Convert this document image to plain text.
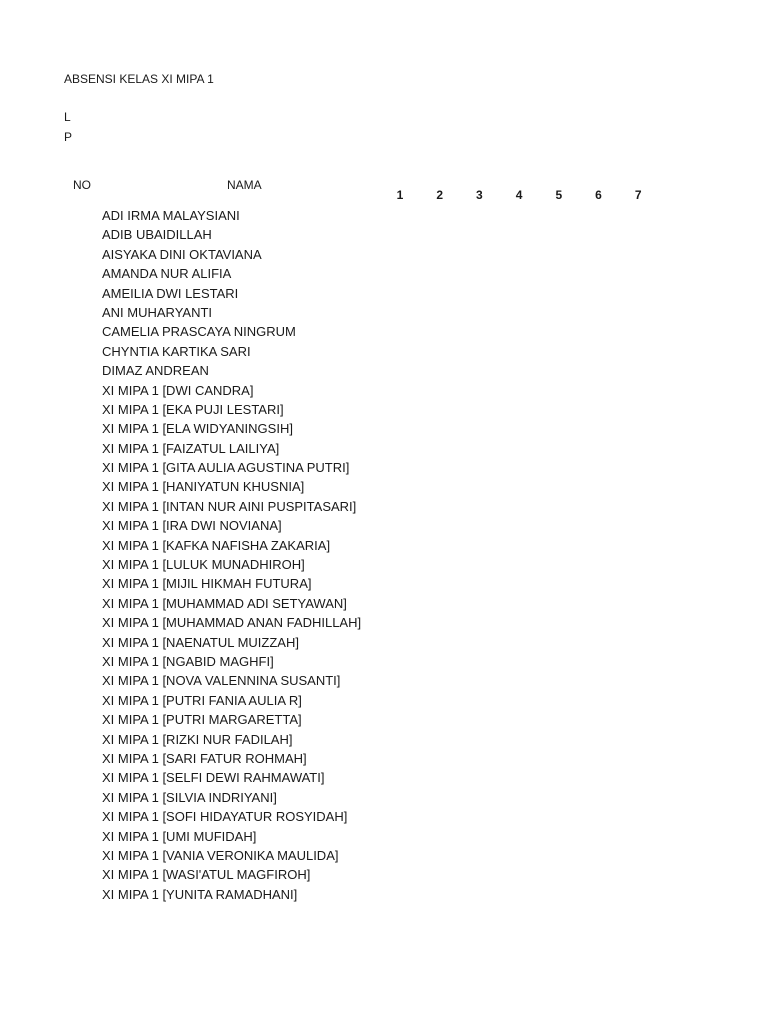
ABSENSI KELAS XI MIPA 1
L
P
NO	NAMA
1	2	3	4	5	6	7
ADI IRMA MALAYSIANI
ADIB UBAIDILLAH
AISYAKA DINI OKTAVIANA
AMANDA NUR ALIFIA
AMEILIA DWI LESTARI
ANI MUHARYANTI
CAMELIA PRASCAYA NINGRUM
CHYNTIA KARTIKA SARI
DIMAZ ANDREAN
XI MIPA 1 [DWI CANDRA]
XI MIPA 1 [EKA PUJI LESTARI]
XI MIPA 1 [ELA WIDYANINGSIH]
XI MIPA 1 [FAIZATUL LAILIYA]
XI MIPA 1 [GITA AULIA AGUSTINA PUTRI]
XI MIPA 1 [HANIYATUN KHUSNIA]
XI MIPA 1 [INTAN NUR AINI PUSPITASARI]
XI MIPA 1 [IRA DWI NOVIANA]
XI MIPA 1 [KAFKA NAFISHA ZAKARIA]
XI MIPA 1 [LULUK MUNADHIROH]
XI MIPA 1 [MIJIL HIKMAH FUTURA]
XI MIPA 1 [MUHAMMAD ADI SETYAWAN]
XI MIPA 1 [MUHAMMAD ANAN FADHILLAH]
XI MIPA 1 [NAENATUL MUIZZAH]
XI MIPA 1 [NGABID MAGHFI]
XI MIPA 1 [NOVA VALENNINA SUSANTI]
XI MIPA 1 [PUTRI FANIA AULIA R]
XI MIPA 1 [PUTRI MARGARETTA]
XI MIPA 1 [RIZKI NUR FADILAH]
XI MIPA 1 [SARI FATUR ROHMAH]
XI MIPA 1 [SELFI DEWI RAHMAWATI]
XI MIPA 1 [SILVIA INDRIYANI]
XI MIPA 1 [SOFI HIDAYATUR ROSYIDAH]
XI MIPA 1 [UMI MUFIDAH]
XI MIPA 1 [VANIA VERONIKA MAULIDA]
XI MIPA 1 [WASI'ATUL MAGFIROH]
XI MIPA 1 [YUNITA RAMADHANI]
